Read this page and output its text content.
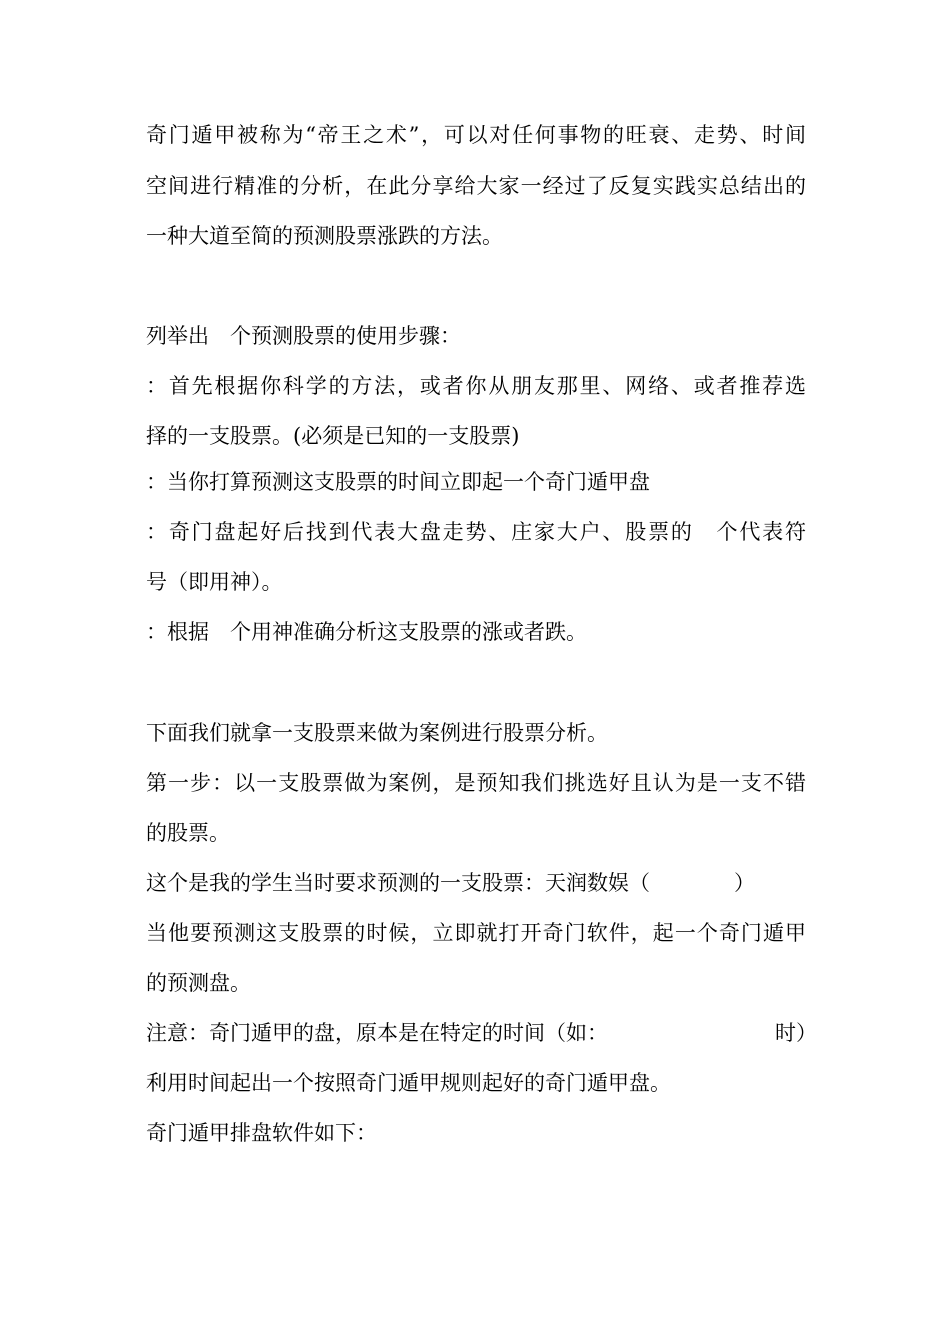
奇门遁甲被称为“帝王之术”，可以对任何事物的旺衰、走势、时间
空间进行精准的分析，在此分享给大家一经过了反复实践实总结出的
一种大道至简的预测股票涨跌的方法。
列举出　个预测股票的使用步骤：
：首先根据你科学的方法，或者你从朋友那里、网络、或者推荐选
择的一支股票。(必须是已知的一支股票)
：当你打算预测这支股票的时间立即起一个奇门遁甲盘
：奇门盘起好后找到代表大盘走势、庄家大户、股票的　个代表符
号（即用神）。
：根据　个用神准确分析这支股票的涨或者跌。
下面我们就拿一支股票来做为案例进行股票分析。
第一步：以一支股票做为案例，是预知我们挑选好且认为是一支不错
的股票。
这个是我的学生当时要求预测的一支股票：天润数娱（　　　　）
当他要预测这支股票的时候，立即就打开奇门软件，起一个奇门遁甲
的预测盘。
注意：奇门遁甲的盘，原本是在特定的时间（如：	时）
利用时间起出一个按照奇门遁甲规则起好的奇门遁甲盘。
奇门遁甲排盘软件如下：
